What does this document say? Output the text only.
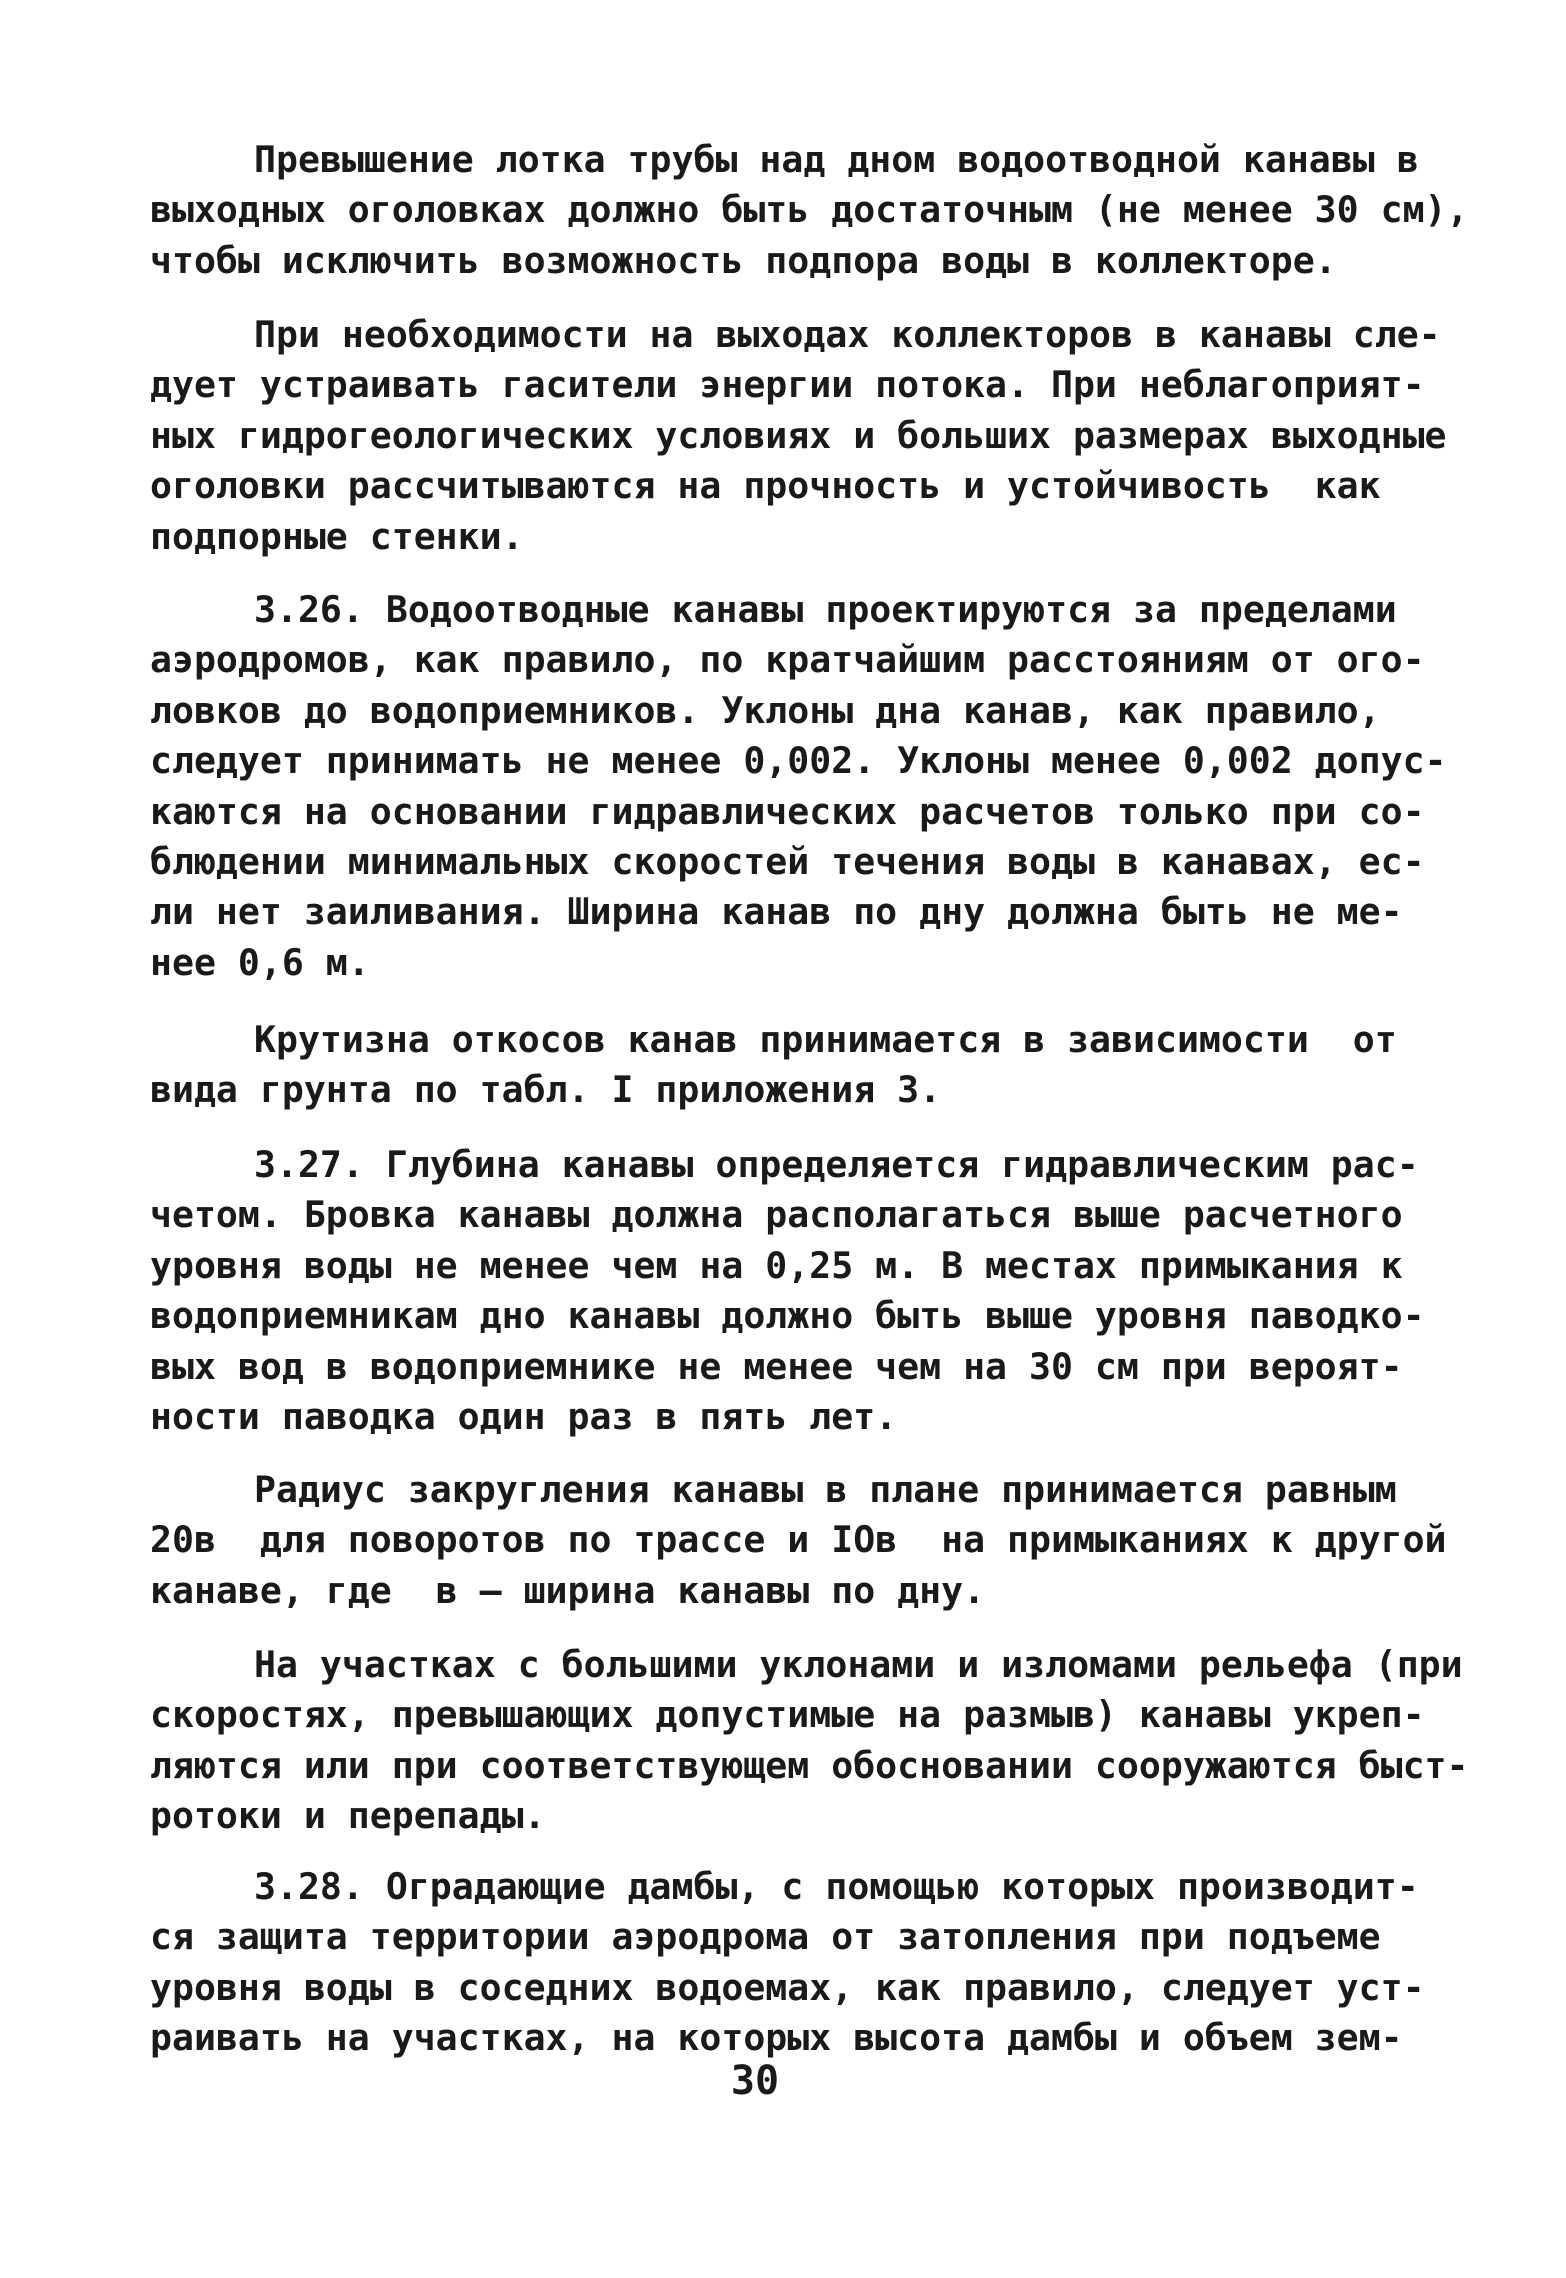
Превышение лотка трубы над дном водоотводной канавы в
выходных оголовках должно быть достаточным (не менее 30 см),
чтобы исключить возможность подпора воды в коллекторе.

При необходимости на выходах коллекторов в канавы сле-
дует устраивать гасители энергии потока. При неблагоприят-
ных гидрогеологических условиях и больших размерах выходные
оголовки рассчитываются на прочность и устойчивость  как
подпорные стенки.

3.26. Водоотводные канавы проектируются за пределами
аэродромов, как правило, по кратчайшим расстояниям от ого-
ловков до водоприемников. Уклоны дна канав, как правило,
следует принимать не менее 0,002. Уклоны менее 0,002 допус-
каются на основании гидравлических расчетов только при со-
блюдении минимальных скоростей течения воды в канавах, ес-
ли нет заиливания. Ширина канав по дну должна быть не ме-
нее 0,6 м.

Крутизна откосов канав принимается в зависимости  от
вида грунта по табл. I приложения 3.

3.27. Глубина канавы определяется гидравлическим рас-
четом. Бровка канавы должна располагаться выше расчетного
уровня воды не менее чем на 0,25 м. В местах примыкания к
водоприемникам дно канавы должно быть выше уровня паводко-
вых вод в водоприемнике не менее чем на 30 см при вероят-
ности паводка один раз в пять лет.

Радиус закругления канавы в плане принимается равным
20в  для поворотов по трассе и IOв  на примыканиях к другой
канаве, где  в – ширина канавы по дну.

На участках с большими уклонами и изломами рельефа (при
скоростях, превышающих допустимые на размыв) канавы укреп-
ляются или при соответствующем обосновании сооружаются быст-
ротоки и перепады.

3.28. Оградающие дамбы, с помощью которых производит-
ся защита территории аэродрома от затопления при подъеме
уровня воды в соседних водоемах, как правило, следует уст-
раивать на участках, на которых высота дамбы и объем зем-

30
